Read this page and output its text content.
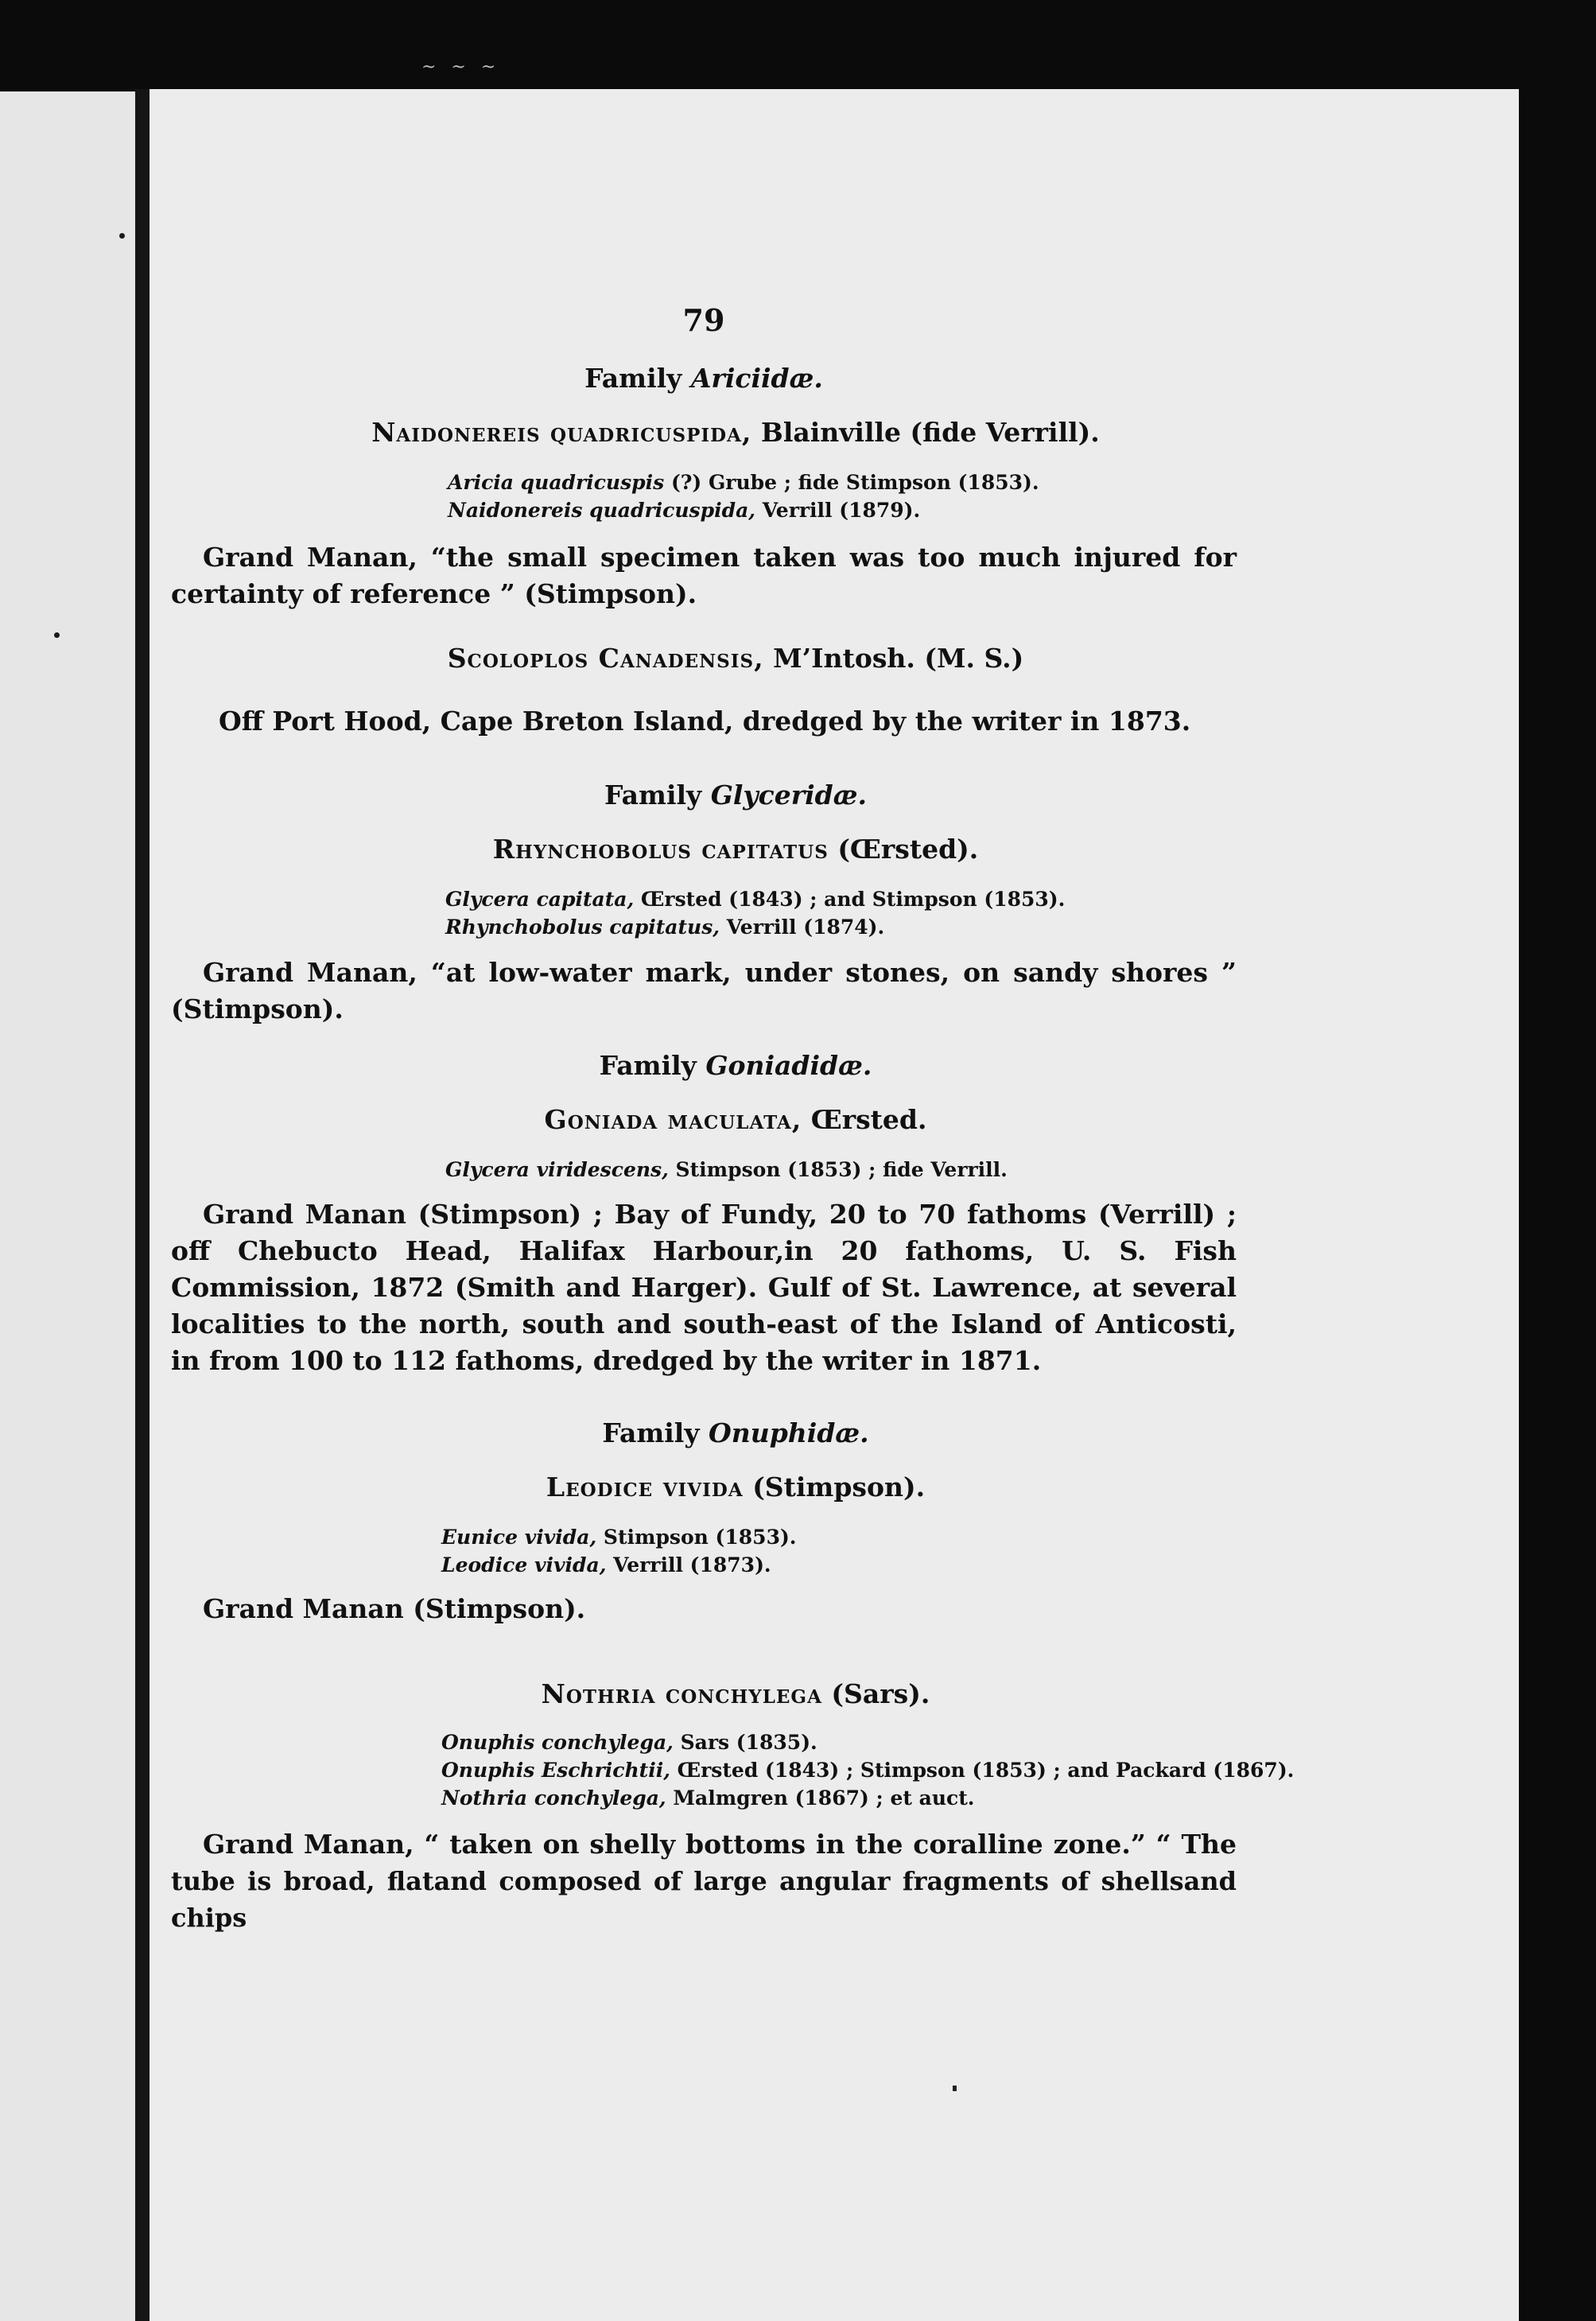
~ ~ ~
79
Family Ariciidæ.
Naidonereis quadricuspida, Blainville (fide Verrill).
Aricia quadricuspis (?) Grube ; fide Stimpson (1853).
Naidonereis quadricuspida, Verrill (1879).
Grand Manan, “the small specimen taken was too much injured for certainty of reference ” (Stimpson).
Scoloplos Canadensis, M’Intosh. (M. S.)
Off Port Hood, Cape Breton Island, dredged by the writer in 1873.
Family Glyceridæ.
Rhynchobolus capitatus (Œrsted).
Glycera capitata, Œrsted (1843) ; and Stimpson (1853).
Rhynchobolus capitatus, Verrill (1874).
Grand Manan, “at low-water mark, under stones, on sandy shores ” (Stimpson).
Family Goniadidæ.
Goniada maculata, Œrsted.
Glycera viridescens, Stimpson (1853) ; fide Verrill.
Grand Manan (Stimpson) ; Bay of Fundy, 20 to 70 fathoms (Verrill) ; off Chebucto Head, Halifax Harbour,in 20 fathoms, U. S. Fish Commission, 1872 (Smith and Harger). Gulf of St. Lawrence, at several localities to the north, south and south-east of the Island of Anticosti, in from 100 to 112 fathoms, dredged by the writer in 1871.
Family Onuphidæ.
Leodice vivida (Stimpson).
Eunice vivida, Stimpson (1853).
Leodice vivida, Verrill (1873).
Grand Manan (Stimpson).
Nothria conchylega (Sars).
Onuphis conchylega, Sars (1835).
Onuphis Eschrichtii, Œrsted (1843) ; Stimpson (1853) ; and Packard (1867).
Nothria conchylega, Malmgren (1867) ; et auct.
Grand Manan, “ taken on shelly bottoms in the coralline zone.” “ The
tube is broad, flatand composed of large angular fragments of shellsand chips
